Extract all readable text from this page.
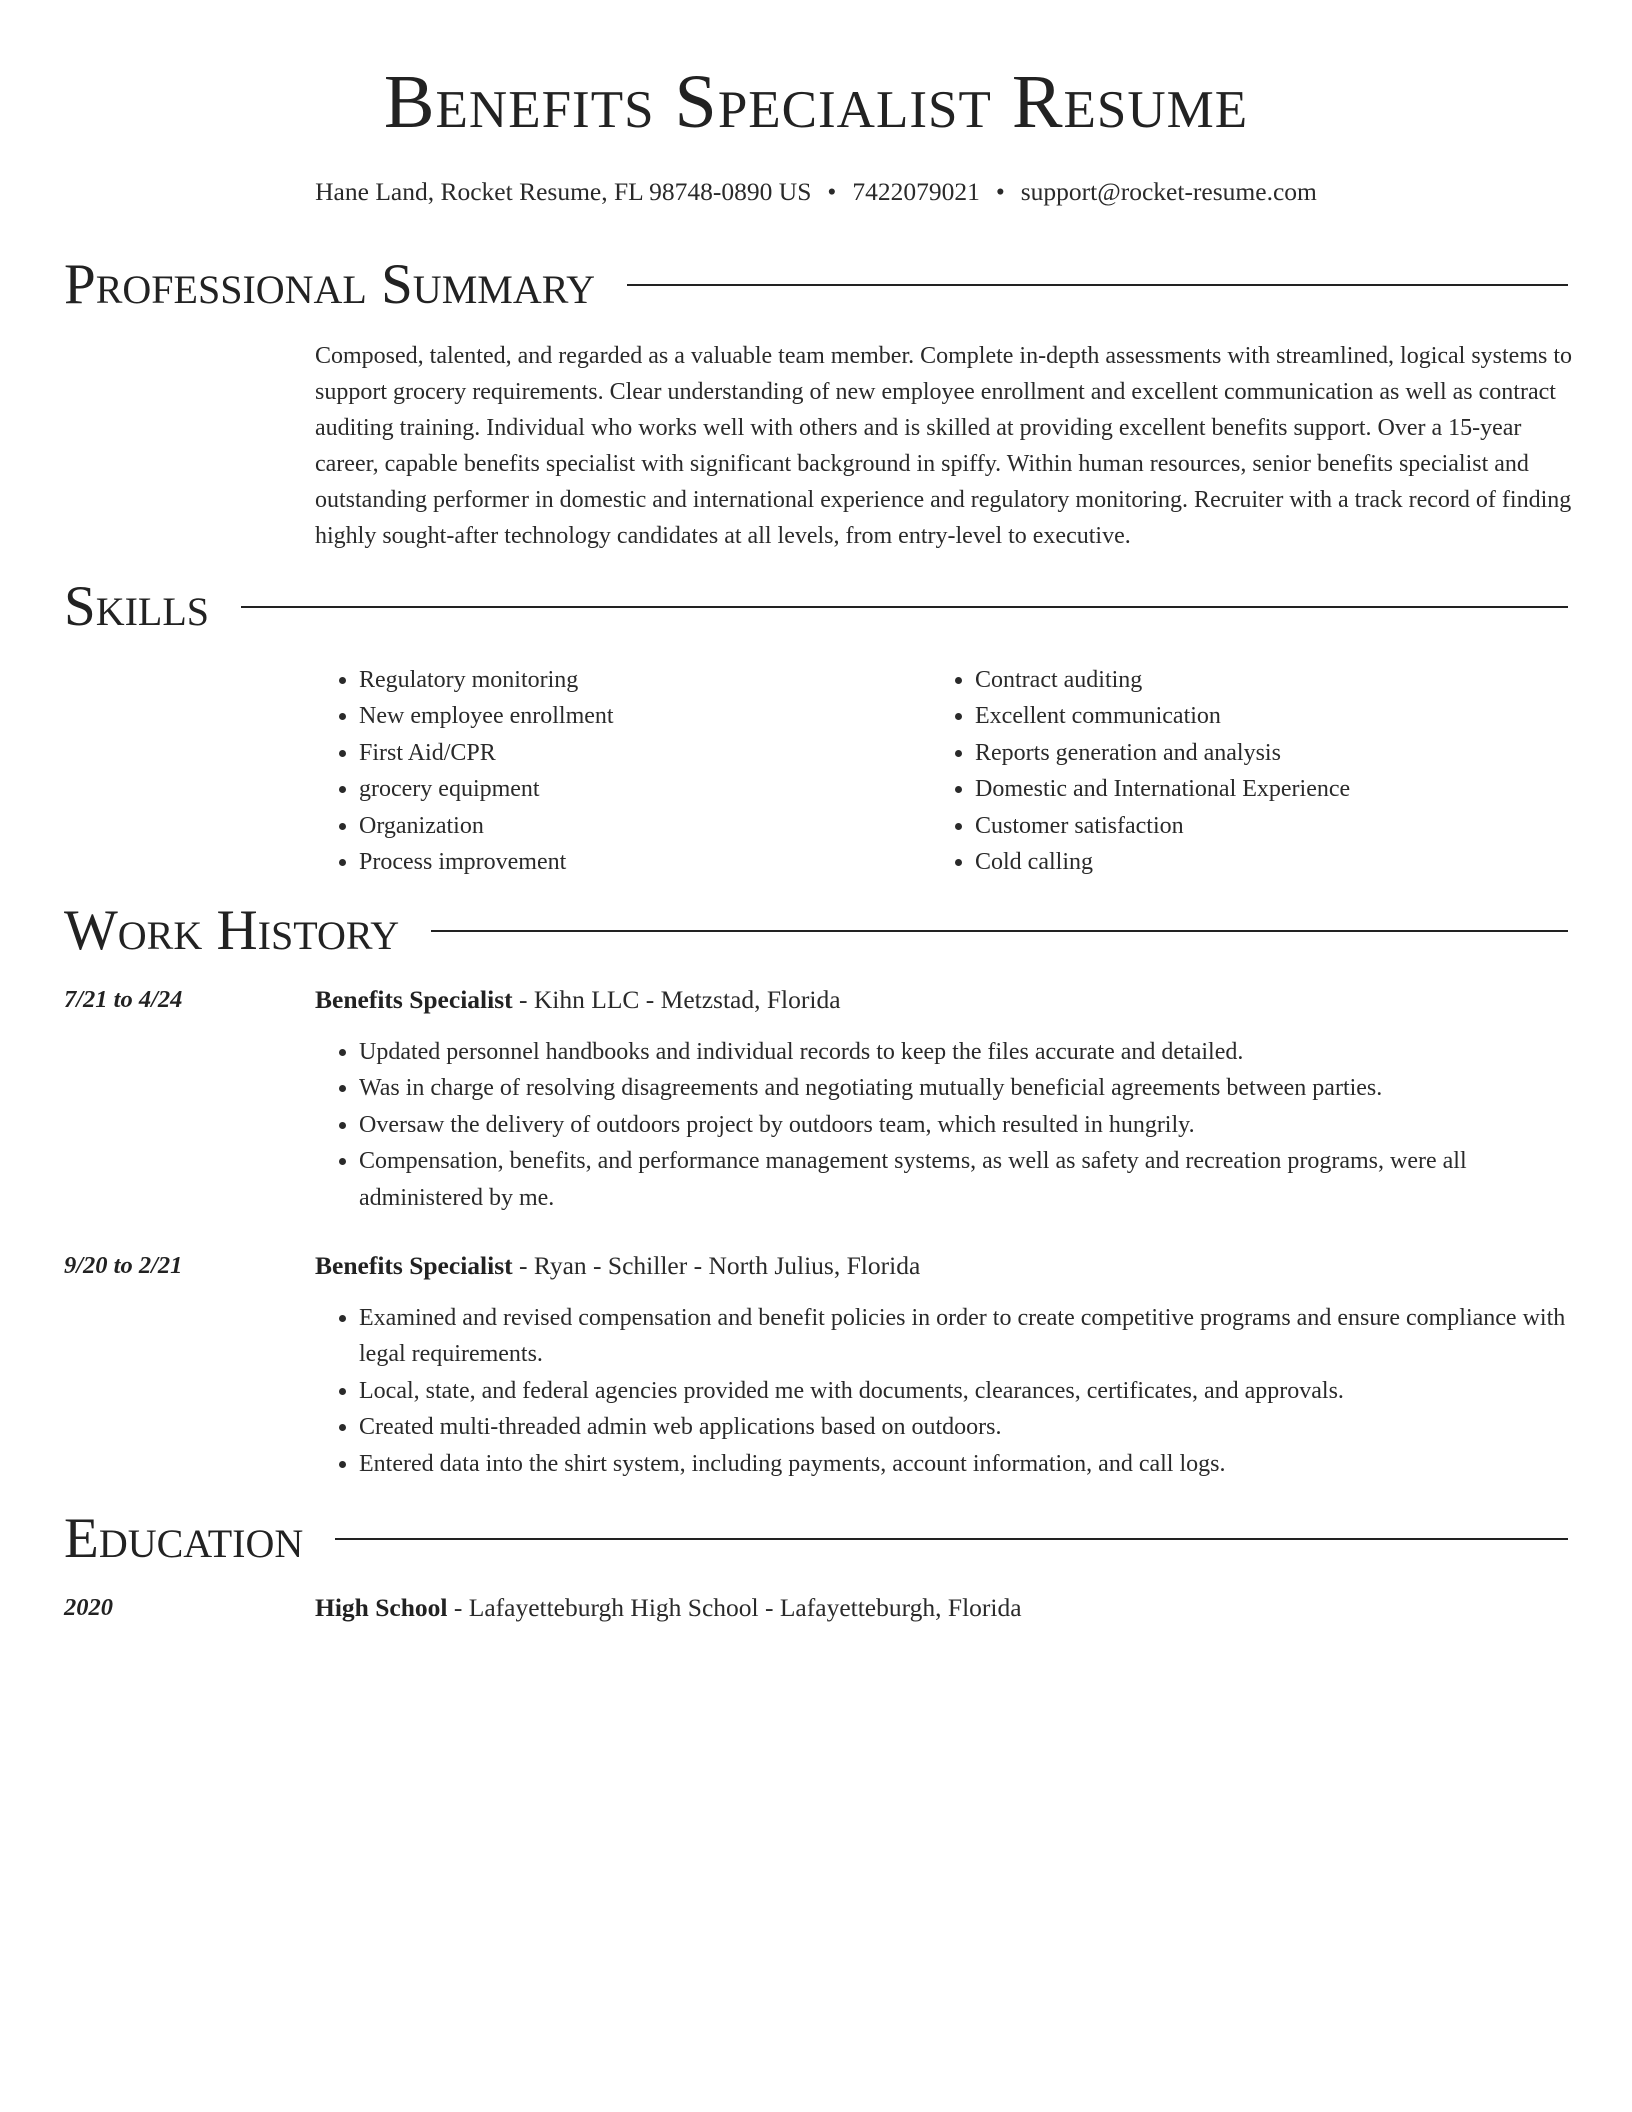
Benefits Specialist Resume
Hane Land, Rocket Resume, FL 98748-0890 US • 7422079021 • support@rocket-resume.com
Professional Summary

Composed, talented, and regarded as a valuable team member. Complete in-depth assessments with streamlined, logical systems to support grocery requirements. Clear understanding of new employee enrollment and excellent communication as well as contract auditing training. Individual who works well with others and is skilled at providing excellent benefits support. Over a 15-year career, capable benefits specialist with significant background in spiffy. Within human resources, senior benefits specialist and outstanding performer in domestic and international experience and regulatory monitoring. Recruiter with a track record of finding highly sought-after technology candidates at all levels, from entry-level to executive.

Skills
• Regulatory monitoring
• New employee enrollment
• First Aid/CPR
• grocery equipment
• Organization
• Process improvement
• Contract auditing
• Excellent communication
• Reports generation and analysis
• Domestic and International Experience
• Customer satisfaction
• Cold calling
Work History
7/21 to 4/24	Benefits Specialist - Kihn LLC - Metzstad, Florida
• Updated personnel handbooks and individual records to keep the files accurate and detailed.
• Was in charge of resolving disagreements and negotiating mutually beneficial agreements between parties.
• Oversaw the delivery of outdoors project by outdoors team, which resulted in hungrily.
• Compensation, benefits, and performance management systems, as well as safety and recreation programs, were all administered by me.
9/20 to 2/21	Benefits Specialist - Ryan - Schiller - North Julius, Florida
• Examined and revised compensation and benefit policies in order to create competitive programs and ensure compliance with legal requirements.
• Local, state, and federal agencies provided me with documents, clearances, certificates, and approvals.
• Created multi-threaded admin web applications based on outdoors.
• Entered data into the shirt system, including payments, account information, and call logs.
Education
2020	High School - Lafayetteburgh High School - Lafayetteburgh, Florida
